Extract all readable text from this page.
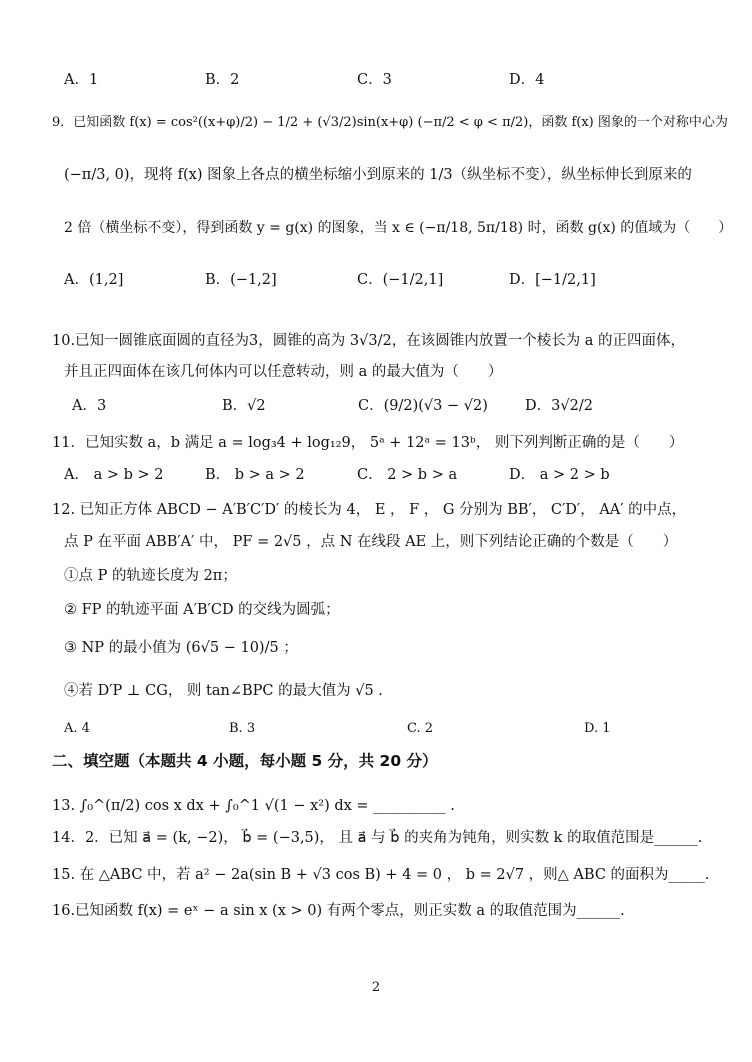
A．1	B．2	C．3	D．4
9．已知函数 f(x) = cos²((x+φ)/2) − 1/2 + (√3/2)sin(x+φ) (−π/2 < φ < π/2)，函数 f(x) 图象的一个对称中心为
(−π/3, 0)，现将 f(x) 图象上各点的横坐标缩小到原来的 1/3（纵坐标不变），纵坐标伸长到原来的
2 倍（横坐标不变），得到函数 y = g(x) 的图象，当 x ∈ (−π/18, 5π/18) 时，函数 g(x) 的值域为（　　）
A．(1,2]	B．(−1,2]	C．(−1/2,1]	D．[−1/2,1]
10.已知一圆锥底面圆的直径为3，圆锥的高为 3√3/2，在该圆锥内放置一个棱长为 a 的正四面体，
并且正四面体在该几何体内可以任意转动，则 a 的最大值为（　　）
A．3	B．√2	C．(9/2)(√3 − √2)	D．3√2/2
11．已知实数 a，b 满足 a = log₃4 + log₁₂9， 5ᵃ + 12ᵃ = 13ᵇ， 则下列判断正确的是（　　）
A． a > b > 2	B． b > a > 2	C． 2 > b > a	D． a > 2 > b
12. 已知正方体 ABCD − A′B′C′D′ 的棱长为 4， E ， F ， G 分别为 BB′， C′D′， AA′ 的中点，
点 P 在平面 ABB′A′ 中， PF = 2√5 ，点 N 在线段 AE 上，则下列结论正确的个数是（　　）
①点 P 的轨迹长度为 2π；
② FP 的轨迹平面 A′B′CD 的交线为圆弧；
③ NP 的最小值为 (6√5 − 10)/5 ；
④若 D′P ⊥ CG， 则 tan∠BPC 的最大值为 √5 .
A. 4	B. 3	C. 2	D. 1
二、填空题（本题共 4 小题，每小题 5 分，共 20 分）
13. ∫₀^(π/2) cos x dx + ∫₀^1 √(1 − x²) dx = __________ .
14．2．已知 a⃗ = (k, −2)， b⃗ = (−3,5)， 且 a⃗ 与 b⃗ 的夹角为钝角，则实数 k 的取值范围是______.
15. 在 △ABC 中，若 a² − 2a(sin B + √3 cos B) + 4 = 0 ， b = 2√7 ，则△ ABC 的面积为_____.
16.已知函数 f(x) = eˣ − a sin x (x > 0) 有两个零点，则正实数 a 的取值范围为______.
2
